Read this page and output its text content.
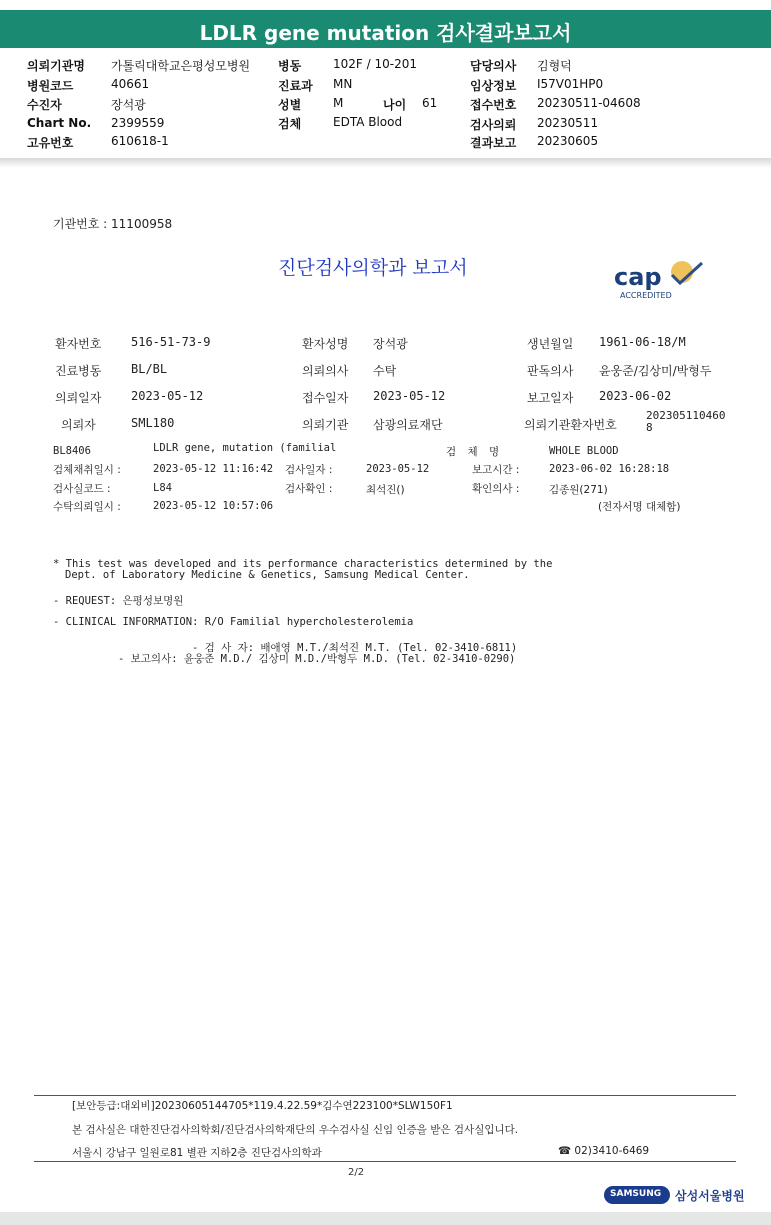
LDLR gene mutation 검사결과보고서
의뢰기관명 가톨릭대학교은평성모병원
병원코드	40661
수진자	장석광
Chart No. 2399559
고유번호	610618-1
병동	102F / 10-201
진료과 MN
성별	M	나이 61
검체	EDTA Blood
담당의사 김형덕
임상정보 I57V01HP0
접수번호 20230511-04608
검사의뢰 20230511
결과보고 20230605
기관번호 : 11100958
진단검사의학과 보고서	cap
ACCREDITED
환자번호 516-51-73-9	환자성명 장석광	생년월일 1961-06-18/M
진료병동 BL/BL	의뢰의사 수탁	판독의사 윤웅준/김상미/박형두
의뢰일자 2023-05-12	접수일자 2023-05-12	보고일자 2023-06-02
의뢰자	SML180	의뢰기관 삼광의료재단	의뢰기관환자번호
2023051104608
BL8406	LDLR gene, mutation (familial	검 체 명	WHOLE BLOOD
검체채취일시 :	2023-05-12 11:16:42 검사일자 :	2023-05-12	보고시간 :	2023-06-02 16:28:18
검사실코드 :	L84	검사확인 :	최석진()	확인의사 :	김종원(271)
수탁의뢰일시 :	2023-05-12 10:57:06	(전자서명 대체함)
* This test was developed and its performance characteristics determined by the
Dept. of Laboratory Medicine & Genetics, Samsung Medical Center.
- REQUEST: 은평성보명원
- CLINICAL INFORMATION: R/O Familial hypercholesterolemia
- 검 사 자: 배애영 M.T./최석진 M.T. (Tel. 02-3410-6811)
- 보고의사: 윤웅준 M.D./ 김상미 M.D./박형두 M.D. (Tel. 02-3410-0290)
[보안등급:대외비]20230605144705*119.4.22.59*김수연223100*SLW150F1
본 검사실은 대한진단검사의학회/진단검사의학재단의 우수검사실 신임 인증을 받은 검사실입니다.
서울시 강남구 일원로81 별관 지하2층 진단검사의학과	☎ 02)3410-6469
2/2
SAMSUNG 삼성서울병원
